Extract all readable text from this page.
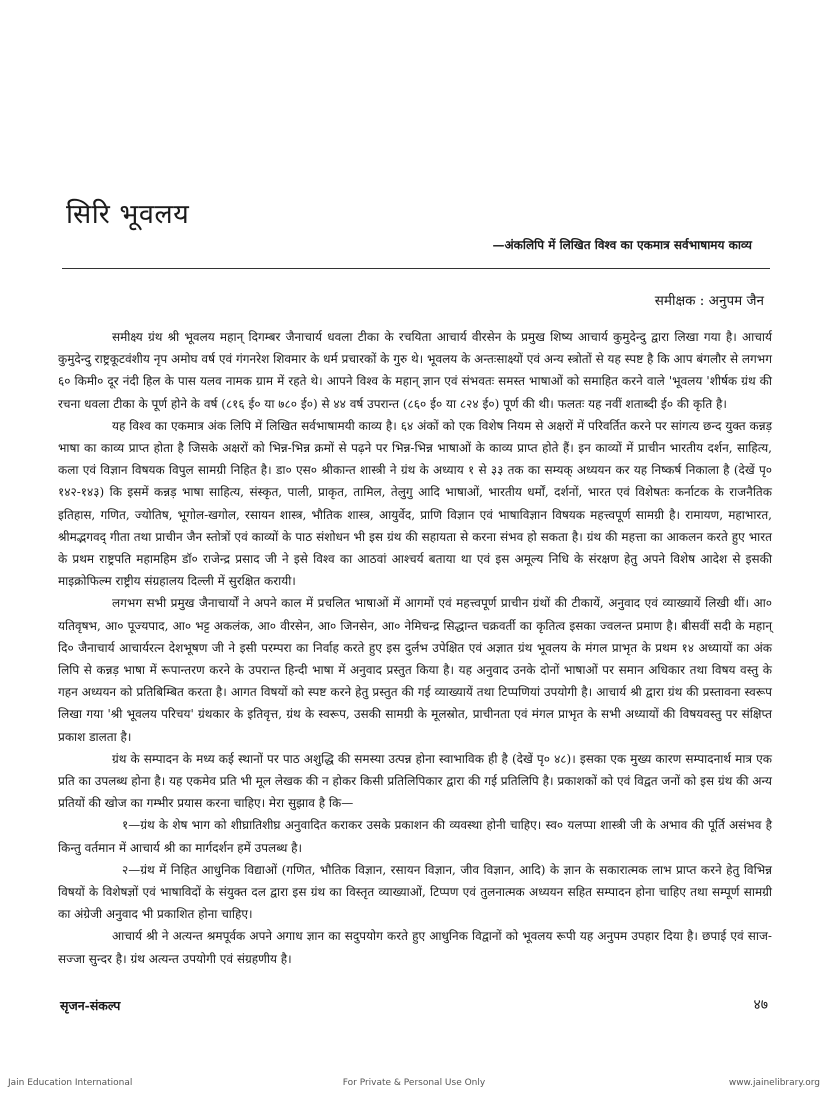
सिरि भूवलय
—अंकलिपि में लिखित विश्व का एकमात्र सर्वभाषामय काव्य
समीक्षक : अनुपम जैन

समीक्ष्य ग्रंथ श्री भूवलय महान् दिगम्बर जैनाचार्य धवला टीका के रचयिता आचार्य वीरसेन के प्रमुख शिष्य आचार्य कुमुदेन्दु द्वारा लिखा गया है। आचार्य कुमुदेन्दु राष्ट्रकूटवंशीय नृप अमोघ वर्ष एवं गंगनरेश शिवमार के धर्म प्रचारकों के गुरु थे। भूवलय के अन्तःसाक्ष्यों एवं अन्य स्त्रोतों से यह स्पष्ट है कि आप बंगलौर से लगभग ६० किमी० दूर नंदी हिल के पास यलव नामक ग्राम में रहते थे। आपने विश्व के महान् ज्ञान एवं संभवतः समस्त भाषाओं को समाहित करने वाले 'भूवलय 'शीर्षक ग्रंथ की रचना धवला टीका के पूर्ण होने के वर्ष (८१६ ई० या ७८० ई०) से ४४ वर्ष उपरान्त (८६० ई० या ८२४ ई०) पूर्ण की थी। फलतः यह नवीं शताब्दी ई० की कृति है।

यह विश्व का एकमात्र अंक लिपि में लिखित सर्वभाषामयी काव्य है। ६४ अंकों को एक विशेष नियम से अक्षरों में परिवर्तित करने पर सांगत्य छन्द युक्त कन्नड़ भाषा का काव्य प्राप्त होता है जिसके अक्षरों को भिन्न-भिन्न क्रमों से पढ़ने पर भिन्न-भिन्न भाषाओं के काव्य प्राप्त होते हैं। इन काव्यों में प्राचीन भारतीय दर्शन, साहित्य, कला एवं विज्ञान विषयक विपुल सामग्री निहित है। डा० एस० श्रीकान्त शास्त्री ने ग्रंथ के अध्याय १ से ३३ तक का सम्यक् अध्ययन कर यह निष्कर्ष निकाला है (देखें पृ० १४२-१४३) कि इसमें कन्नड़ भाषा साहित्य, संस्कृत, पाली, प्राकृत, तामिल, तेलुगु आदि भाषाओं, भारतीय धर्मों, दर्शनों, भारत एवं विशेषतः कर्नाटक के राजनैतिक इतिहास, गणित, ज्योतिष, भूगोल-खगोल, रसायन शास्त्र, भौतिक शास्त्र, आयुर्वेद, प्राणि विज्ञान एवं भाषाविज्ञान विषयक महत्त्वपूर्ण सामग्री है। रामायण, महाभारत, श्रीमद्भगवद् गीता तथा प्राचीन जैन स्तोत्रों एवं काव्यों के पाठ संशोधन भी इस ग्रंथ की सहायता से करना संभव हो सकता है। ग्रंथ की महत्ता का आकलन करते हुए भारत के प्रथम राष्ट्रपति महामहिम डॉ० राजेन्द्र प्रसाद जी ने इसे विश्व का आठवां आश्चर्य बताया था एवं इस अमूल्य निधि के संरक्षण हेतु अपने विशेष आदेश से इसकी माइक्रोफिल्म राष्ट्रीय संग्रहालय दिल्ली में सुरक्षित करायी।

लगभग सभी प्रमुख जैनाचार्यों ने अपने काल में प्रचलित भाषाओं में आगमों एवं महत्त्वपूर्ण प्राचीन ग्रंथों की टीकायें, अनुवाद एवं व्याख्यायें लिखी थीं। आ० यतिवृषभ, आ० पूज्यपाद, आ० भट्ट अकलंक, आ० वीरसेन, आ० जिनसेन, आ० नेमिचन्द्र सिद्धान्त चक्रवर्ती का कृतित्व इसका ज्वलन्त प्रमाण है। बीसवीं सदी के महान् दि० जैनाचार्य आचार्यरत्न देशभूषण जी ने इसी परम्परा का निर्वाह करते हुए इस दुर्लभ उपेक्षित एवं अज्ञात ग्रंथ भूवलय के मंगल प्राभृत के प्रथम १४ अध्यायों का अंक लिपि से कन्नड़ भाषा में रूपान्तरण करने के उपरान्त हिन्दी भाषा में अनुवाद प्रस्तुत किया है। यह अनुवाद उनके दोनों भाषाओं पर समान अधिकार तथा विषय वस्तु के गहन अध्ययन को प्रतिबिम्बित करता है। आगत विषयों को स्पष्ट करने हेतु प्रस्तुत की गई व्याख्यायें तथा टिप्पणियां उपयोगी है। आचार्य श्री द्वारा ग्रंथ की प्रस्तावना स्वरूप लिखा गया 'श्री भूवलय परिचय' ग्रंथकार के इतिवृत्त, ग्रंथ के स्वरूप, उसकी सामग्री के मूलस्रोत, प्राचीनता एवं मंगल प्राभृत के सभी अध्यायों की विषयवस्तु पर संक्षिप्त प्रकाश डालता है।

ग्रंथ के सम्पादन के मध्य कई स्थानों पर पाठ अशुद्धि की समस्या उत्पन्न होना स्वाभाविक ही है (देखें पृ० ४८)। इसका एक मुख्य कारण सम्पादनार्थ मात्र एक प्रति का उपलब्ध होना है। यह एकमेव प्रति भी मूल लेखक की न होकर किसी प्रतिलिपिकार द्वारा की गई प्रतिलिपि है। प्रकाशकों को एवं विद्वत जनों को इस ग्रंथ की अन्य प्रतियों की खोज का गम्भीर प्रयास करना चाहिए। मेरा सुझाव है कि—

१—ग्रंथ के शेष भाग को शीघ्रातिशीघ्र अनुवादित कराकर उसके प्रकाशन की व्यवस्था होनी चाहिए। स्व० यलप्पा शास्त्री जी के अभाव की पूर्ति असंभव है किन्तु वर्तमान में आचार्य श्री का मार्गदर्शन हमें उपलब्ध है।

२—ग्रंथ में निहित आधुनिक विद्याओं (गणित, भौतिक विज्ञान, रसायन विज्ञान, जीव विज्ञान, आदि) के ज्ञान के सकारात्मक लाभ प्राप्त करने हेतु विभिन्न विषयों के विशेषज्ञों एवं भाषाविदों के संयुक्त दल द्वारा इस ग्रंथ का विस्तृत व्याख्याओं, टिप्पण एवं तुलनात्मक अध्ययन सहित सम्पादन होना चाहिए तथा सम्पूर्ण सामग्री का अंग्रेजी अनुवाद भी प्रकाशित होना चाहिए।

आचार्य श्री ने अत्यन्त श्रमपूर्वक अपने अगाध ज्ञान का सदुपयोग करते हुए आधुनिक विद्वानों को भूवलय रूपी यह अनुपम उपहार दिया है। छपाई एवं साज-सज्जा सुन्दर है। ग्रंथ अत्यन्त उपयोगी एवं संग्रहणीय है।

सृजन-संकल्प	४७
Jain Education International	For Private & Personal Use Only	www.jainelibrary.org
